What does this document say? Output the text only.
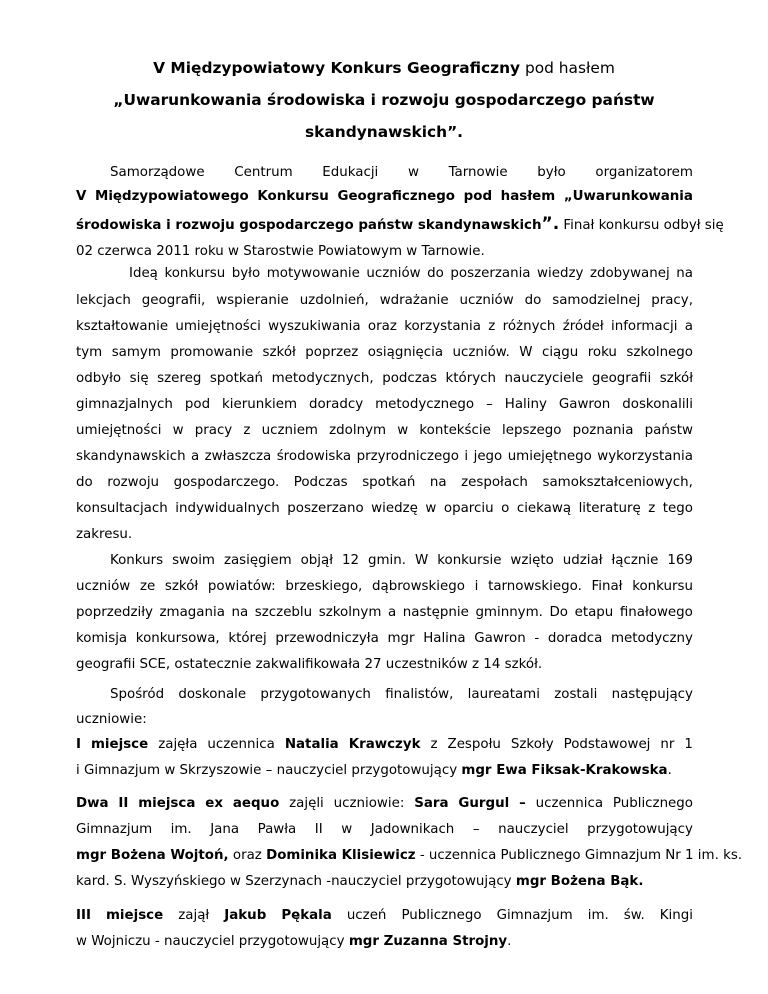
V Międzypowiatowy Konkurs Geograficzny pod hasłem
„Uwarunkowania środowiska i rozwoju gospodarczego państw
skandynawskich”.
Samorządowe Centrum Edukacji w Tarnowie było organizatorem
V Międzypowiatowego Konkursu Geograficznego pod hasłem „Uwarunkowania
środowiska i rozwoju gospodarczego państw skandynawskich”. Finał konkursu odbył się
02 czerwca 2011 roku w Starostwie Powiatowym w Tarnowie.
Ideą konkursu było motywowanie uczniów do poszerzania wiedzy zdobywanej na
lekcjach geografii, wspieranie uzdolnień, wdrażanie uczniów do samodzielnej pracy,
kształtowanie umiejętności wyszukiwania oraz korzystania z różnych źródeł informacji a
tym samym promowanie szkół poprzez osiągnięcia uczniów. W ciągu roku szkolnego
odbyło się szereg spotkań metodycznych, podczas których nauczyciele geografii szkół
gimnazjalnych pod kierunkiem doradcy metodycznego – Haliny Gawron doskonalili
umiejętności w pracy z uczniem zdolnym w kontekście lepszego poznania państw
skandynawskich a zwłaszcza środowiska przyrodniczego i jego umiejętnego wykorzystania
do rozwoju gospodarczego. Podczas spotkań na zespołach samokształceniowych,
konsultacjach indywidualnych poszerzano wiedzę w oparciu o ciekawą literaturę z tego
zakresu.
Konkurs swoim zasięgiem objął 12 gmin. W konkursie wzięto udział łącznie 169
uczniów ze szkół powiatów: brzeskiego, dąbrowskiego i tarnowskiego. Finał konkursu
poprzedziły zmagania na szczeblu szkolnym a następnie gminnym. Do etapu finałowego
komisja konkursowa, której przewodniczyła mgr Halina Gawron - doradca metodyczny
geografii SCE, ostatecznie zakwalifikowała 27 uczestników z 14 szkół.
Spośród doskonale przygotowanych finalistów, laureatami zostali następujący
uczniowie:
I miejsce zajęła uczennica Natalia Krawczyk z Zespołu Szkoły Podstawowej nr 1
i Gimnazjum w Skrzyszowie – nauczyciel przygotowujący mgr Ewa Fiksak-Krakowska.
Dwa II miejsca ex aequo zajęli uczniowie: Sara Gurgul – uczennica Publicznego
Gimnazjum im. Jana Pawła II w Jadownikach – nauczyciel przygotowujący
mgr Bożena Wojtoń, oraz Dominika Klisiewicz - uczennica Publicznego Gimnazjum Nr 1 im. ks.
kard. S. Wyszyńskiego w Szerzynach -nauczyciel przygotowujący mgr Bożena Bąk.
III miejsce zajął Jakub Pękala uczeń Publicznego Gimnazjum im. św. Kingi
w Wojniczu - nauczyciel przygotowujący mgr Zuzanna Strojny.
